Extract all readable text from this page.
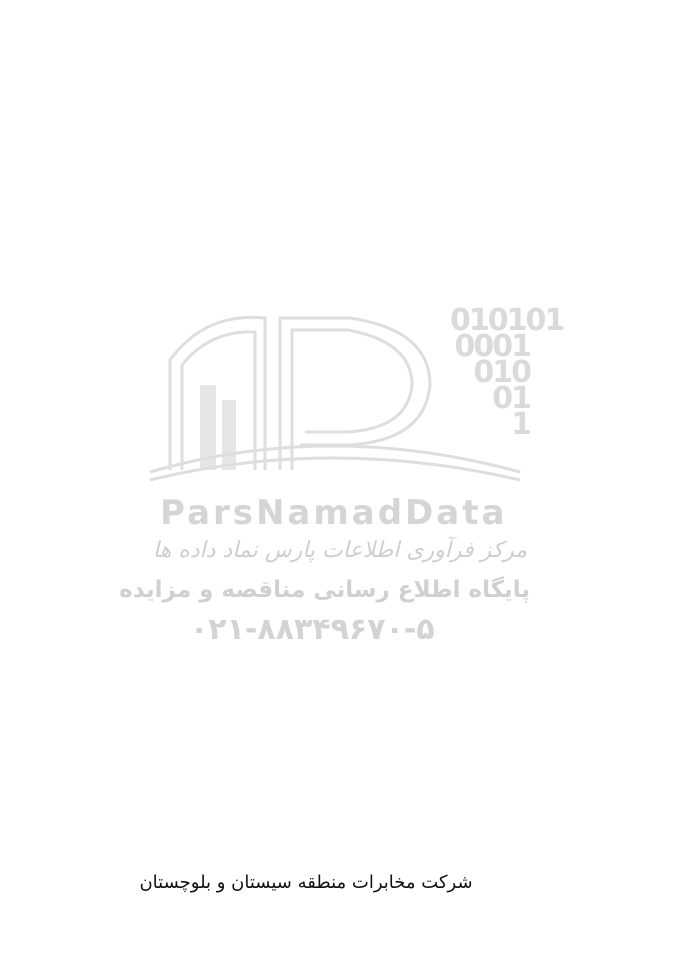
010101
0001
010
01
1
ParsNamadData
مرکز فرآوری اطلاعات پارس نماد داده ها
پایگاه اطلاع رسانی مناقصه و مزایده
۰۲۱-۸۸۳۴۹۶۷۰-۵
شرکت مخابرات منطقه سیستان و بلوچستان
